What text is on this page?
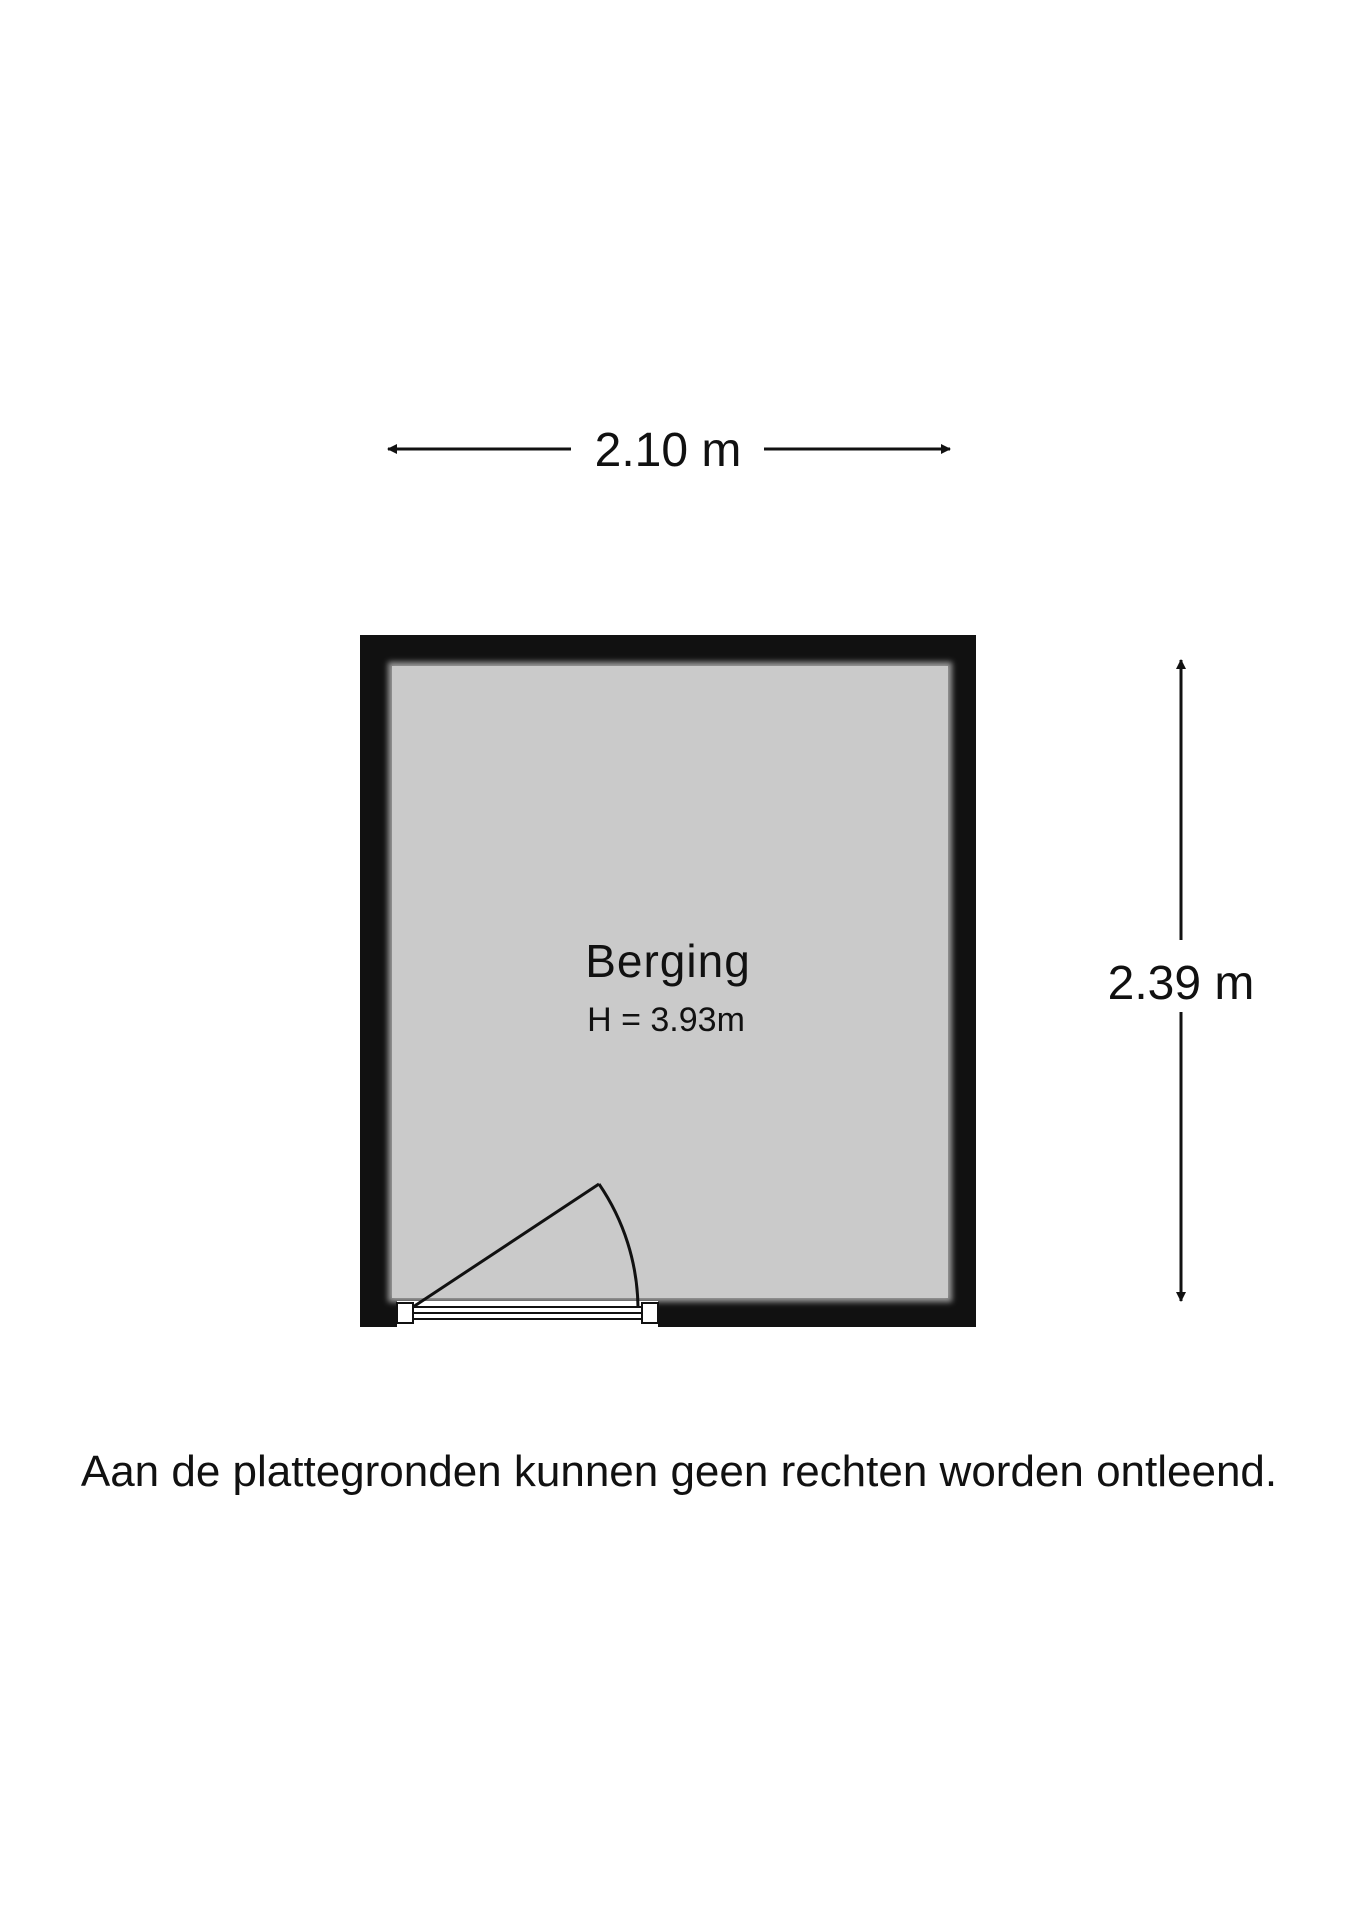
2.10 m
2.39 m
Berging
H = 3.93m
Aan de plattegronden kunnen geen rechten worden ontleend.
